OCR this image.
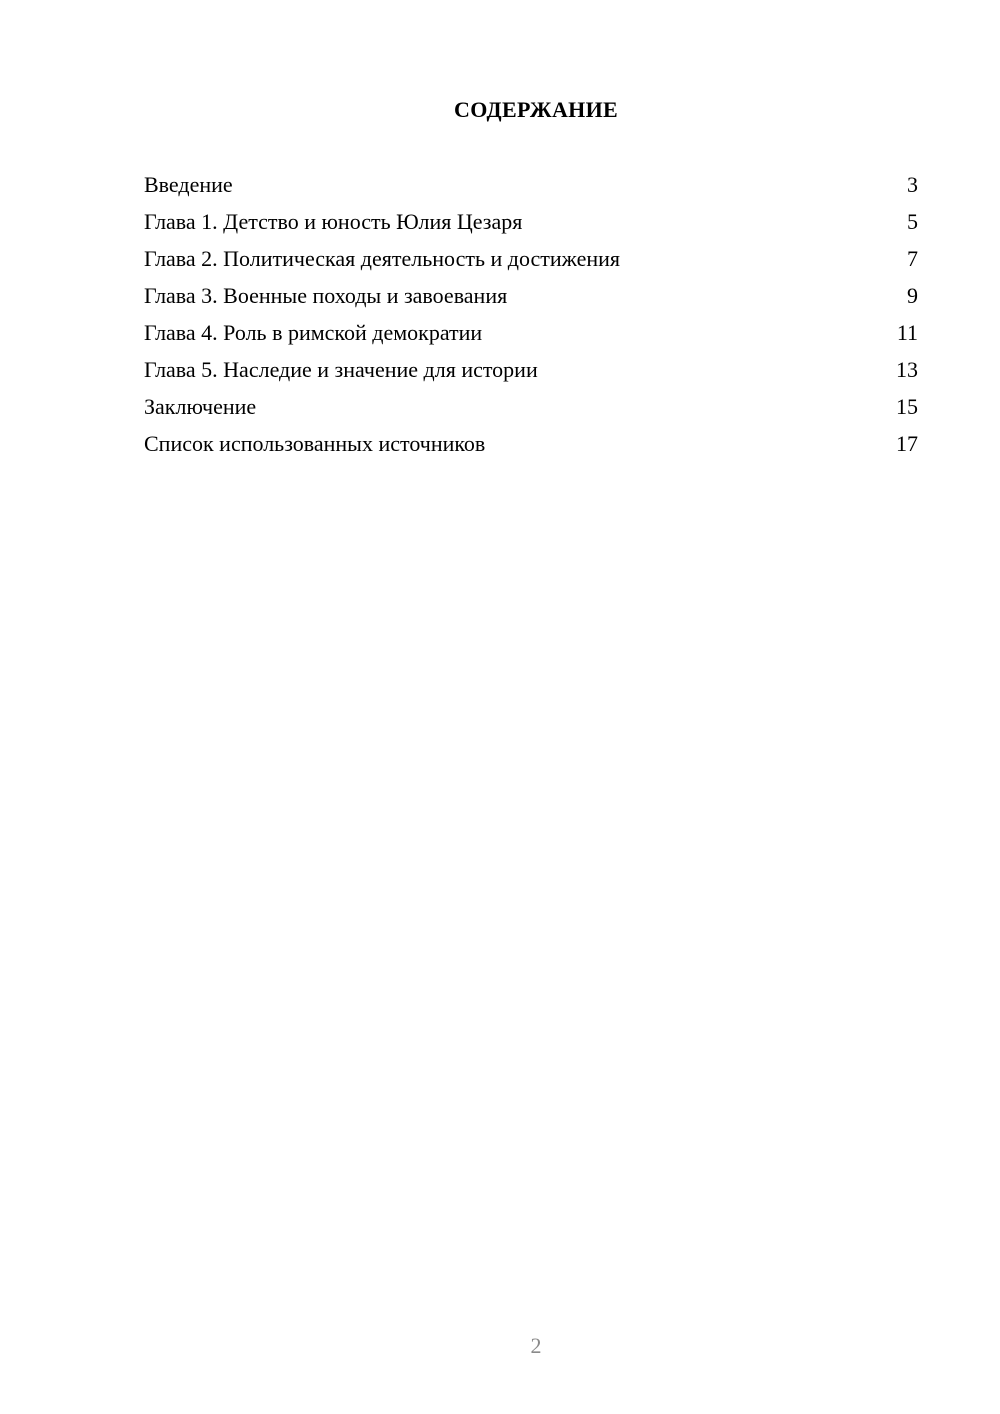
СОДЕРЖАНИЕ
Введение	3
Глава 1. Детство и юность Юлия Цезаря	5
Глава 2. Политическая деятельность и достижения	7
Глава 3. Военные походы и завоевания	9
Глава 4. Роль в римской демократии	11
Глава 5. Наследие и значение для истории	13
Заключение	15
Список использованных источников	17
2
